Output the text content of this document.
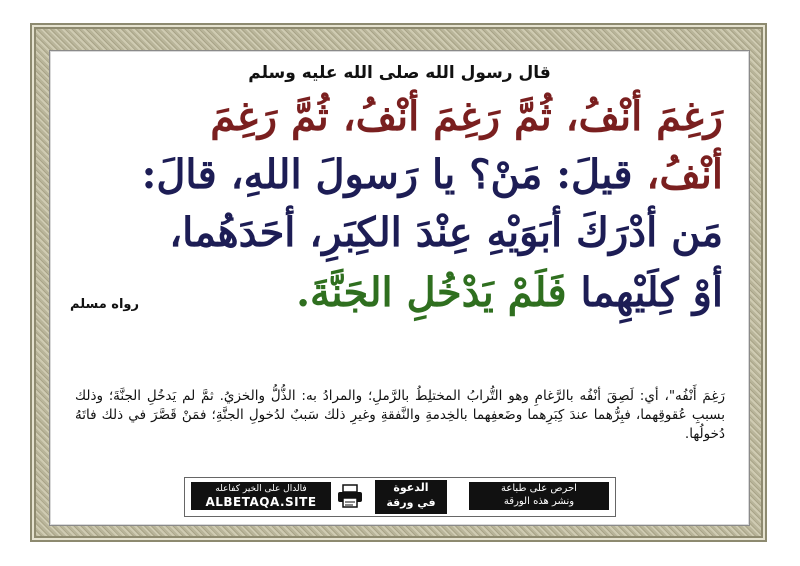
قال رسول الله صلى الله عليه وسلم
رَغِمَ أنْفُ، ثُمَّ رَغِمَ أنْفُ، ثُمَّ رَغِمَ
أنْفُ، قيلَ: مَنْ؟ يا رَسولَ اللهِ، قالَ:
مَن أدْرَكَ أبَوَيْهِ عِنْدَ الكِبَرِ، أحَدَهُما،
أوْ كِلَيْهِما فَلَمْ يَدْخُلِ الجَنَّةَ.
رواه مسلم
رَغِمَ أَنْفُه"، أي: لَصِقَ أنْفُه بالرَّغامِ وهو التُّرابُ المختلِطُ بالرَّملِ؛ والمرادُ به: الذُّلُّ والخزيُ. ثمَّ لم يَدخُلِ الجنَّةَ؛ وذلك بسببِ عُقوقِهما، فبِرُّهما عندَ كِبَرِهما وضَعفِهما بالخِدمةِ والنَّفقةِ وغيرِ ذلك سَببٌ لدُخولِ الجنَّةِ؛ فمَنْ قَصَّرَ في ذلك فاتَهُ دُخولُها.
فالدال على الخير كفاعله
ALBETAQA.SITE
الدعوة
في ورقة
احرص على طباعة
ونشر هذه الورقة
